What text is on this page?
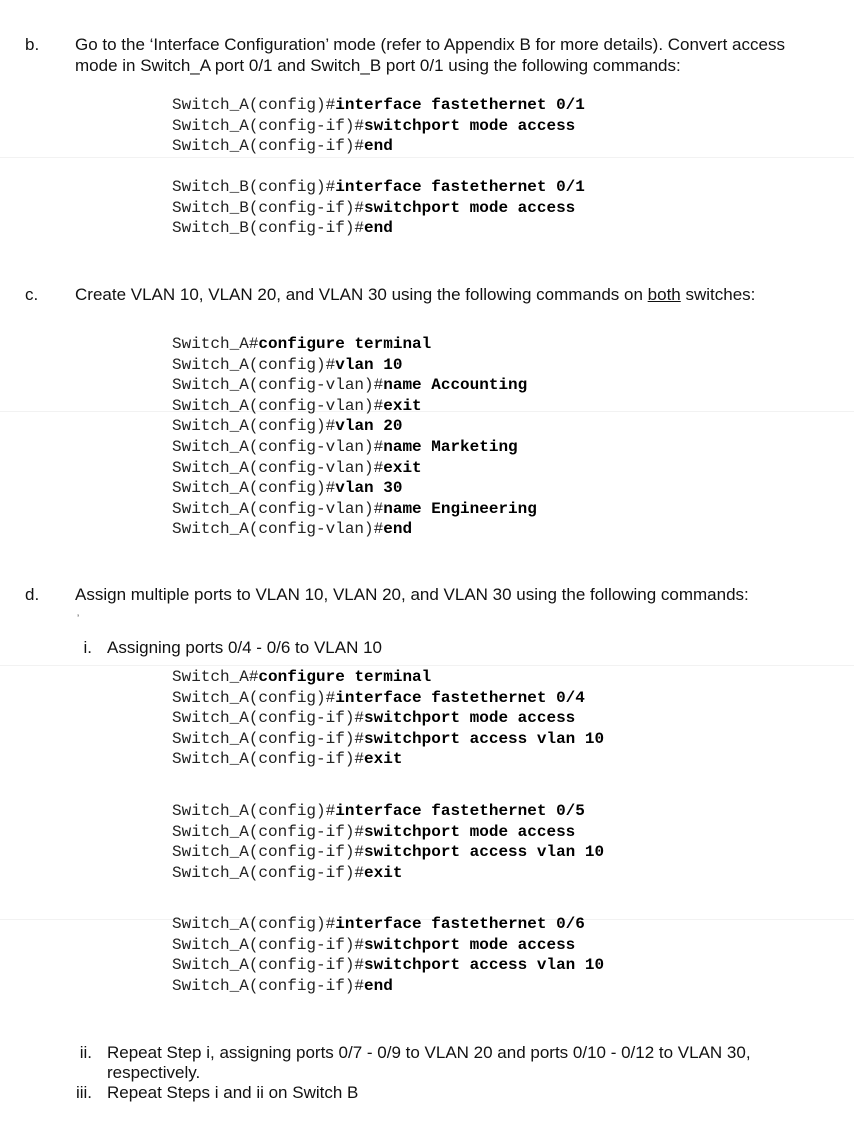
b. Go to the ‘Interface Configuration’ mode (refer to Appendix B for more details). Convert access
mode in Switch_A port 0/1 and Switch_B port 0/1 using the following commands:
Switch_A(config)#interface fastethernet 0/1
Switch_A(config-if)#switchport mode access
Switch_A(config-if)#end
Switch_B(config)#interface fastethernet 0/1
Switch_B(config-if)#switchport mode access
Switch_B(config-if)#end
c. Create VLAN 10, VLAN 20, and VLAN 30 using the following commands on both switches:
Switch_A#configure terminal
Switch_A(config)#vlan 10
Switch_A(config-vlan)#name Accounting
Switch_A(config-vlan)#exit
Switch_A(config)#vlan 20
Switch_A(config-vlan)#name Marketing
Switch_A(config-vlan)#exit
Switch_A(config)#vlan 30
Switch_A(config-vlan)#name Engineering
Switch_A(config-vlan)#end
d. Assign multiple ports to VLAN 10, VLAN 20, and VLAN 30 using the following commands:
ʼ
i. Assigning ports 0/4 - 0/6 to VLAN 10
Switch_A#configure terminal
Switch_A(config)#interface fastethernet 0/4
Switch_A(config-if)#switchport mode access
Switch_A(config-if)#switchport access vlan 10
Switch_A(config-if)#exit
Switch_A(config)#interface fastethernet 0/5
Switch_A(config-if)#switchport mode access
Switch_A(config-if)#switchport access vlan 10
Switch_A(config-if)#exit
Switch_A(config)#interface fastethernet 0/6
Switch_A(config-if)#switchport mode access
Switch_A(config-if)#switchport access vlan 10
Switch_A(config-if)#end
ii. Repeat Step i, assigning ports 0/7 - 0/9 to VLAN 20 and ports 0/10 - 0/12 to VLAN 30,
respectively.
iii. Repeat Steps i and ii on Switch B
